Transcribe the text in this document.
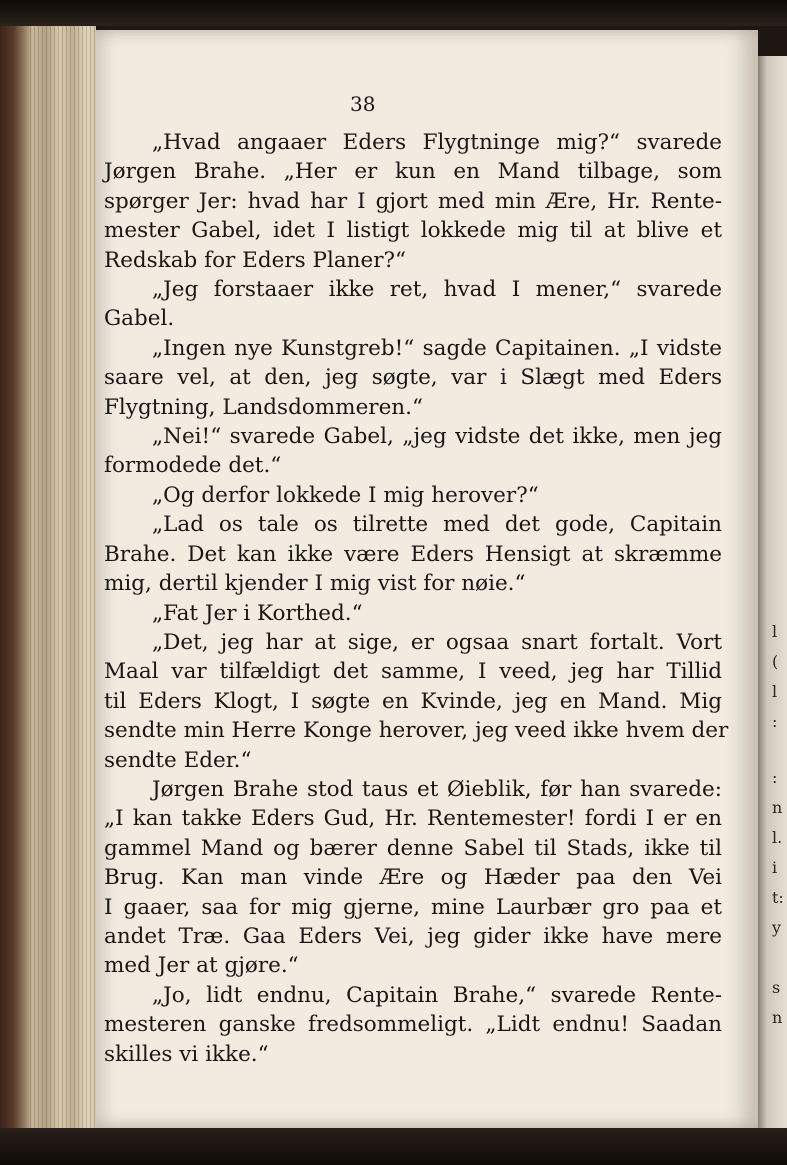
l
(
l
:
:
n
l.
i
t:
y
s
n
38
„Hvad angaaer Eders Flygtninge mig?“ svarede
Jørgen Brahe. „Her er kun en Mand tilbage, som
spørger Jer: hvad har I gjort med min Ære, Hr. Rente-
mester Gabel, idet I listigt lokkede mig til at blive et
Redskab for Eders Planer?“
„Jeg forstaaer ikke ret, hvad I mener,“ svarede
Gabel.
„Ingen nye Kunstgreb!“ sagde Capitainen. „I vidste
saare vel, at den, jeg søgte, var i Slægt med Eders
Flygtning, Landsdommeren.“
„Nei!“ svarede Gabel, „jeg vidste det ikke, men jeg
formodede det.“
„Og derfor lokkede I mig herover?“
„Lad os tale os tilrette med det gode, Capitain
Brahe. Det kan ikke være Eders Hensigt at skræmme
mig, dertil kjender I mig vist for nøie.“
„Fat Jer i Korthed.“
„Det, jeg har at sige, er ogsaa snart fortalt. Vort
Maal var tilfældigt det samme, I veed, jeg har Tillid
til Eders Klogt, I søgte en Kvinde, jeg en Mand. Mig
sendte min Herre Konge herover, jeg veed ikke hvem der
sendte Eder.“
Jørgen Brahe stod taus et Øieblik, før han svarede:
„I kan takke Eders Gud, Hr. Rentemester! fordi I er en
gammel Mand og bærer denne Sabel til Stads, ikke til
Brug. Kan man vinde Ære og Hæder paa den Vei
I gaaer, saa for mig gjerne, mine Laurbær gro paa et
andet Træ. Gaa Eders Vei, jeg gider ikke have mere
med Jer at gjøre.“
„Jo, lidt endnu, Capitain Brahe,“ svarede Rente-
mesteren ganske fredsommeligt. „Lidt endnu! Saadan
skilles vi ikke.“
